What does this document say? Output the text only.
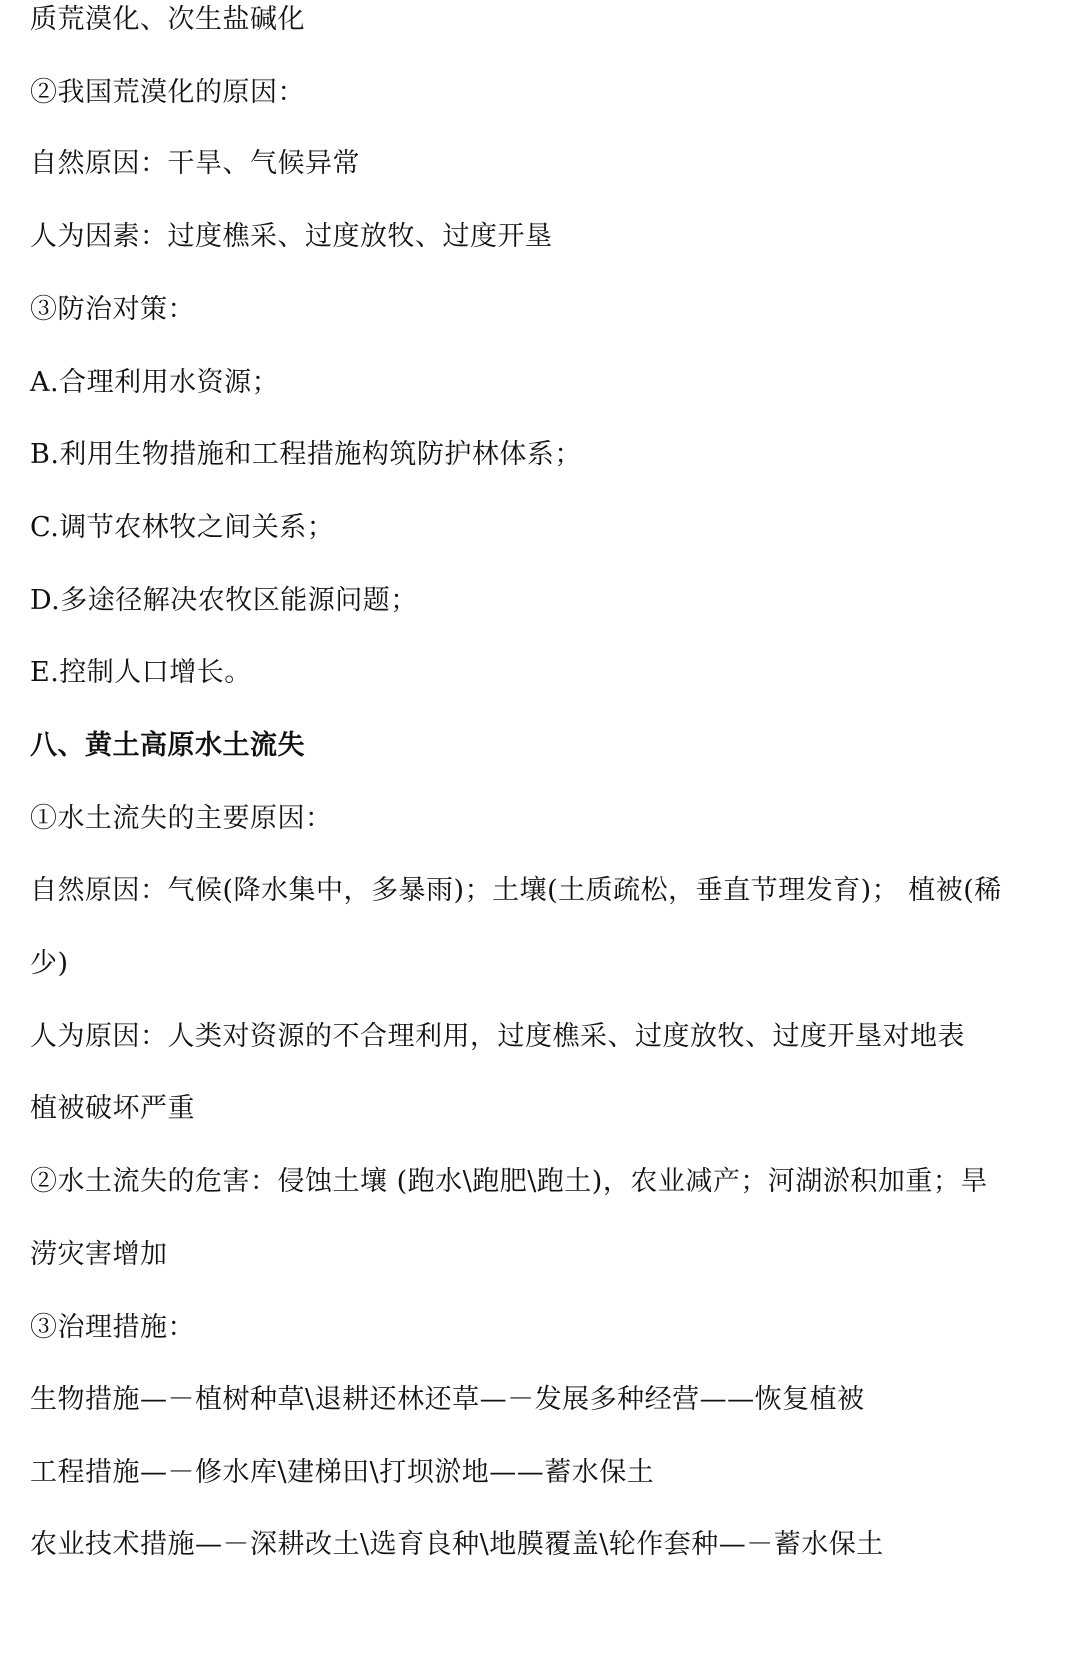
质荒漠化、次生盐碱化
②我国荒漠化的原因：
自然原因：干旱、气候异常
人为因素：过度樵采、过度放牧、过度开垦
③防治对策：
A.合理利用水资源；
B.利用生物措施和工程措施构筑防护林体系；
C.调节农林牧之间关系；
D.多途径解决农牧区能源问题；
E.控制人口增长。
八、黄土高原水土流失
①水土流失的主要原因：
自然原因：气候(降水集中，多暴雨)；土壤(土质疏松，垂直节理发育)； 植被(稀
少)
人为原因：人类对资源的不合理利用，过度樵采、过度放牧、过度开垦对地表
植被破坏严重
②水土流失的危害：侵蚀土壤 (跑水\跑肥\跑土)，农业减产；河湖淤积加重；旱
涝灾害增加
③治理措施：
生物措施—－植树种草\退耕还林还草—－发展多种经营——恢复植被
工程措施—－修水库\建梯田\打坝淤地——蓄水保土
农业技术措施—－深耕改土\选育良种\地膜覆盖\轮作套种—－蓄水保土
